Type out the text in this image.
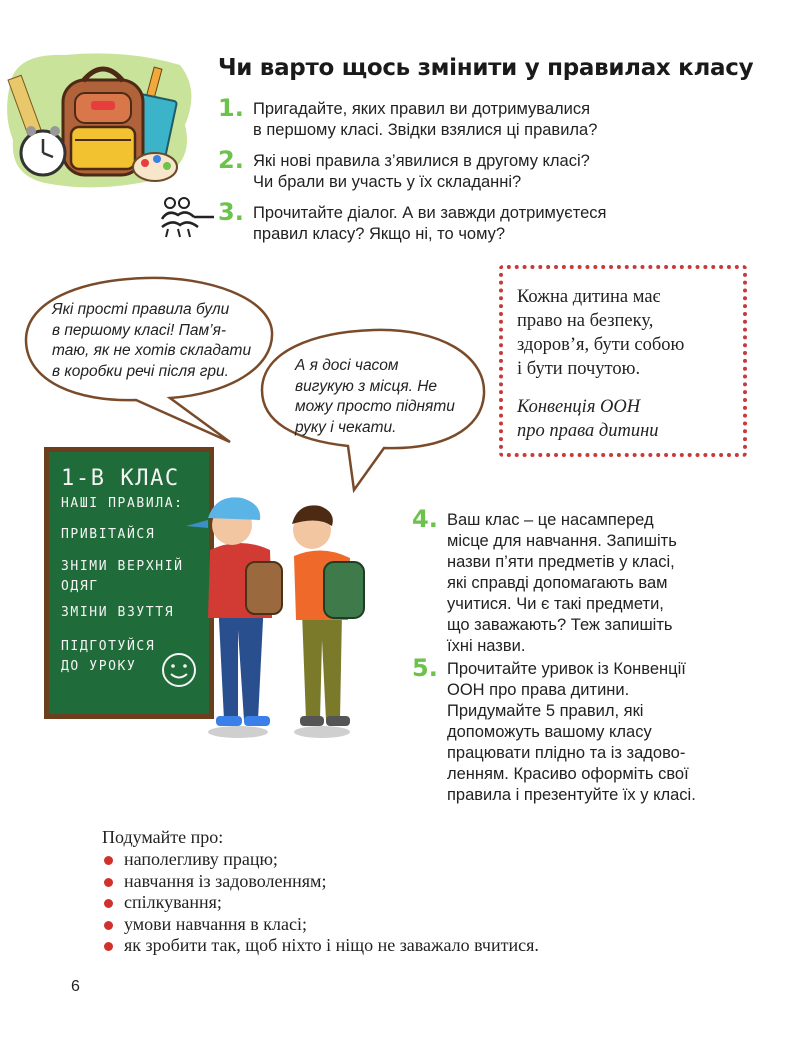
Чи варто щось змінити у правилах класу
1. Пригадайте, яких правил ви дотримувалися
в першому класі. Звідки взялися ці правила?
2. Які нові правила з’явилися в другому класі?
Чи брали ви участь у їх складанні?
3. Прочитайте діалог. А ви завжди дотримуєтеся
правил класу? Якщо ні, то чому?
Які прості правила були
в першому класі! Пам’я-
таю, як не хотів складати
в коробки речі після гри.	А я досі часом
вигукую з місця. Не
можу просто підняти
руку і чекати.
Кожна дитина має
право на безпеку,
здоров’я, бути собою
і бути почутою.
Конвенція ООН
про права дитини
1-В КЛАС
НАШІ ПРАВИЛА:
ПРИВІТАЙСЯ
ЗНІМИ ВЕРХНІЙ
ОДЯГ
ЗМІНИ ВЗУТТЯ
ПІДГОТУЙСЯ
ДО УРОКУ
4. Ваш клас – це насамперед
місце для навчання. Запишіть
назви п’яти предметів у класі,
які справді допомагають вам
учитися. Чи є такі предмети,
що заважають? Теж запишіть
їхні назви.
5. Прочитайте уривок із Конвенції
ООН про права дитини.
Придумайте 5 правил, які
допоможуть вашому класу
працювати плідно та із задово-
ленням. Красиво оформіть свої
правила і презентуйте їх у класі.
Подумайте про:
наполегливу працю;
навчання із задоволенням;
спілкування;
умови навчання в класі;
як зробити так, щоб ніхто і ніщо не заважало вчитися.
6
